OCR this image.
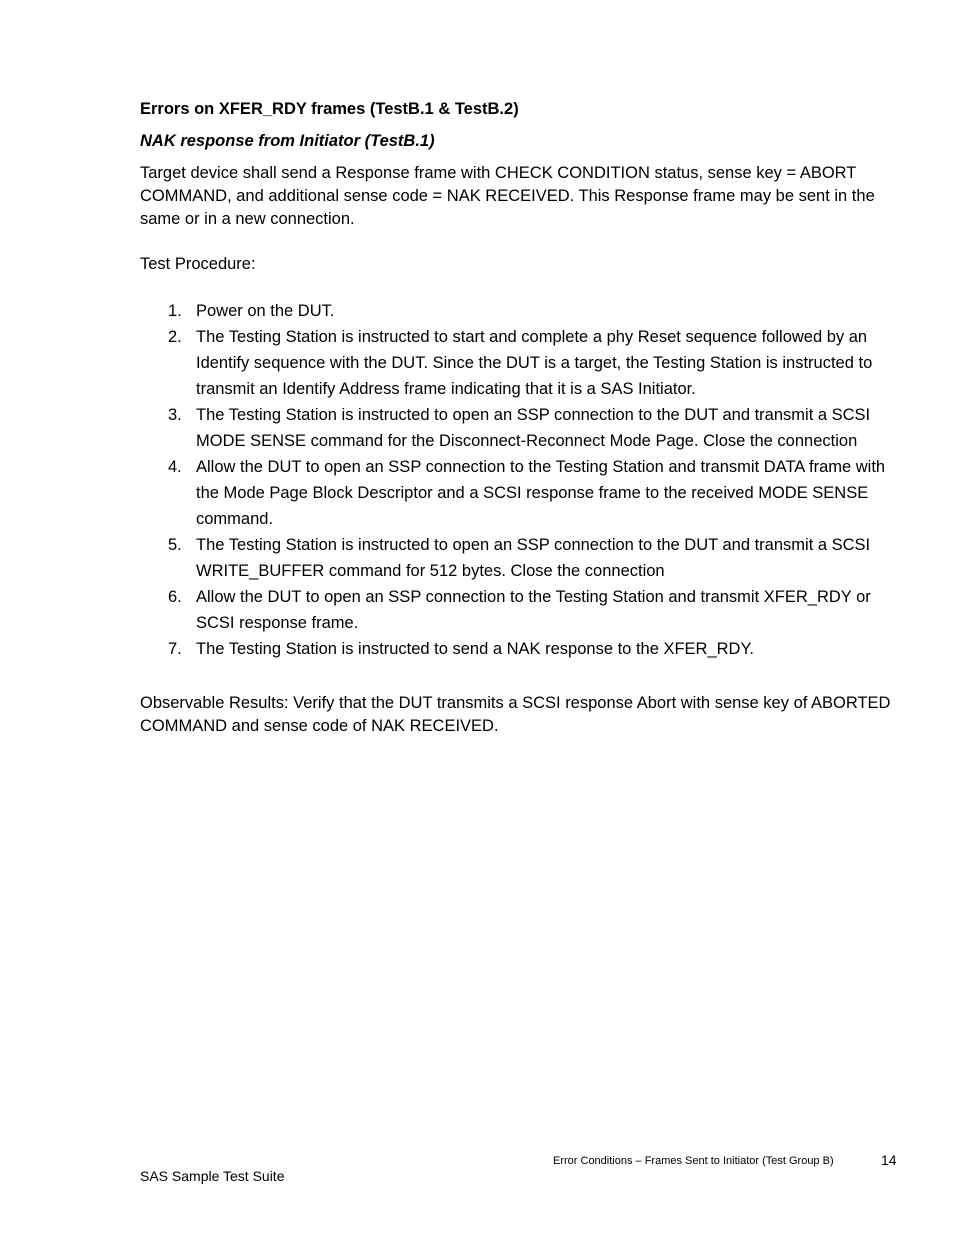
Errors on XFER_RDY frames (TestB.1 & TestB.2)

NAK response from Initiator (TestB.1)

Target device shall send a Response frame with CHECK CONDITION status, sense key = ABORT COMMAND, and additional sense code = NAK RECEIVED. This Response frame may be sent in the same or in a new connection.

Test Procedure:

1. Power on the DUT.
2. The Testing Station is instructed to start and complete a phy Reset sequence followed by an Identify sequence with the DUT. Since the DUT is a target, the Testing Station is instructed to transmit an Identify Address frame indicating that it is a SAS Initiator.
3. The Testing Station is instructed to open an SSP connection to the DUT and transmit a SCSI MODE SENSE command for the Disconnect-Reconnect Mode Page. Close the connection
4. Allow the DUT to open an SSP connection to the Testing Station and transmit DATA frame with the Mode Page Block Descriptor and a SCSI response frame to the received MODE SENSE command.
5. The Testing Station is instructed to open an SSP connection to the DUT and transmit a SCSI WRITE_BUFFER command for 512 bytes. Close the connection
6. Allow the DUT to open an SSP connection to the Testing Station and transmit XFER_RDY or SCSI response frame.
7. The Testing Station is instructed to send a NAK response to the XFER_RDY.

Observable Results: Verify that the DUT transmits a SCSI response Abort with sense key of ABORTED COMMAND and sense code of NAK RECEIVED.

Error Conditions – Frames Sent to Initiator (Test Group B)	14
SAS Sample Test Suite
